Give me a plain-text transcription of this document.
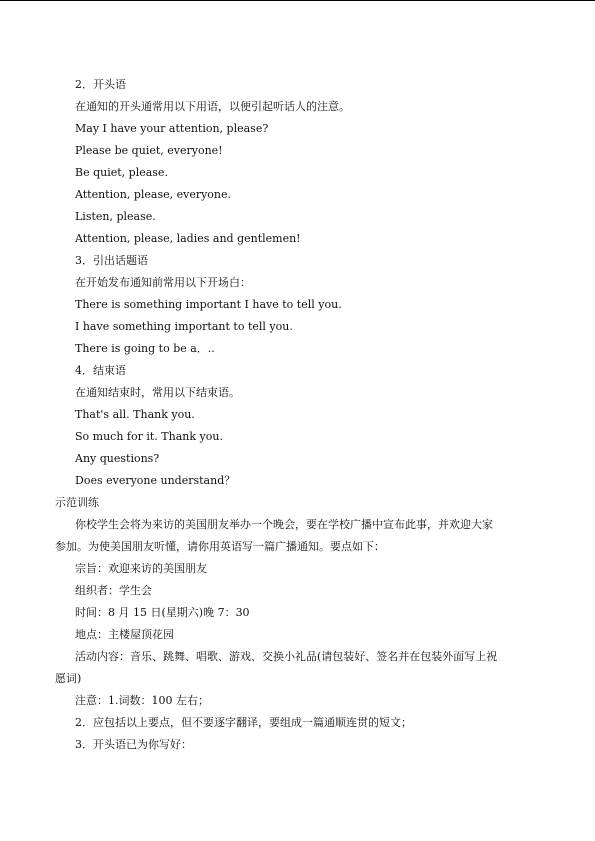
2．开头语
在通知的开头通常用以下用语，以便引起听话人的注意。
May I have your attention, please?
Please be quiet, everyone!
Be quiet, please.
Attention, please, everyone.
Listen, please.
Attention, please, ladies and gentlemen!
3．引出话题语
在开始发布通知前常用以下开场白：
There is something important I have to tell you.
I have something important to tell you.
There is going to be a．..
4．结束语
在通知结束时，常用以下结束语。
That's all. Thank you.
So much for it. Thank you.
Any questions?
Does everyone understand？
示范训练
你校学生会将为来访的美国朋友举办一个晚会，要在学校广播中宣布此事，并欢迎大家
参加。为使美国朋友听懂，请你用英语写一篇广播通知。要点如下：
宗旨：欢迎来访的美国朋友
组织者：学生会
时间：8 月 15 日(星期六)晚 7：30
地点：主楼屋顶花园
活动内容：音乐、跳舞、唱歌、游戏、交换小礼品(请包装好、签名并在包装外面写上祝
愿词)
注意：1.词数：100 左右；
2．应包括以上要点，但不要逐字翻译，要组成一篇通顺连贯的短文；
3．开头语已为你写好：
